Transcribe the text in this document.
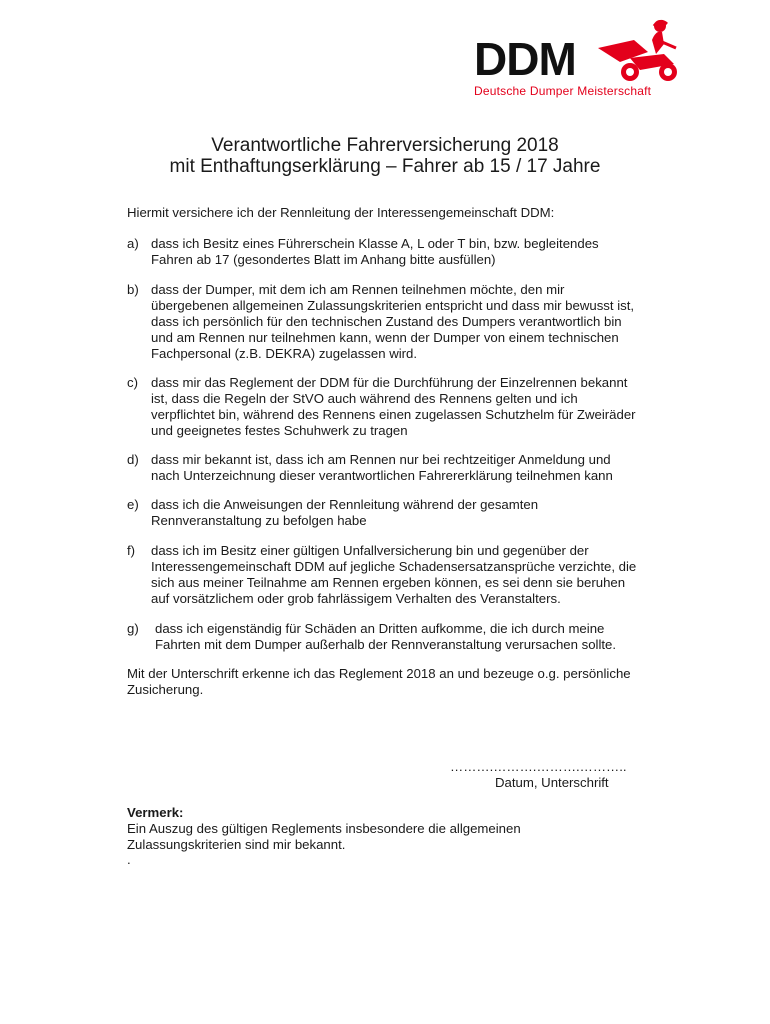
DDM
Deutsche Dumper Meisterschaft
Verantwortliche Fahrerversicherung 2018
mit Enthaftungserklärung – Fahrer ab 15 / 17 Jahre
Hiermit versichere ich der Rennleitung der Interessengemeinschaft DDM:
a) dass ich Besitz eines Führerschein Klasse A, L oder T bin, bzw. begleitendes
Fahren ab 17 (gesondertes Blatt im Anhang bitte ausfüllen)
b) dass der Dumper, mit dem ich am Rennen teilnehmen möchte, den mir
übergebenen allgemeinen Zulassungskriterien entspricht und dass mir bewusst ist,
dass ich persönlich für den technischen Zustand des Dumpers verantwortlich bin
und am Rennen nur teilnehmen kann, wenn der Dumper von einem technischen
Fachpersonal (z.B. DEKRA) zugelassen wird.
c) dass mir das Reglement der DDM für die Durchführung der Einzelrennen bekannt
ist, dass die Regeln der StVO auch während des Rennens gelten und ich
verpflichtet bin, während des Rennens einen zugelassen Schutzhelm für Zweiräder
und geeignetes festes Schuhwerk zu tragen
d) dass mir bekannt ist, dass ich am Rennen nur bei rechtzeitiger Anmeldung und
nach Unterzeichnung dieser verantwortlichen Fahrererklärung teilnehmen kann
e) dass ich die Anweisungen der Rennleitung während der gesamten
Rennveranstaltung zu befolgen habe
f)	dass ich im Besitz einer gültigen Unfallversicherung bin und gegenüber der
Interessengemeinschaft DDM auf jegliche Schadensersatzansprüche verzichte, die
sich aus meiner Teilnahme am Rennen ergeben können, es sei denn sie beruhen
auf vorsätzlichem oder grob fahrlässigem Verhalten des Veranstalters.
g)	dass ich eigenständig für Schäden an Dritten aufkomme, die ich durch meine
Fahrten mit dem Dumper außerhalb der Rennveranstaltung verursachen sollte.
Mit der Unterschrift erkenne ich das Reglement 2018 an und bezeuge o.g. persönliche
Zusicherung.
……….……….……….………..
Datum, Unterschrift
Vermerk:
Ein Auszug des gültigen Reglements insbesondere die allgemeinen
Zulassungskriterien sind mir bekannt.
.
